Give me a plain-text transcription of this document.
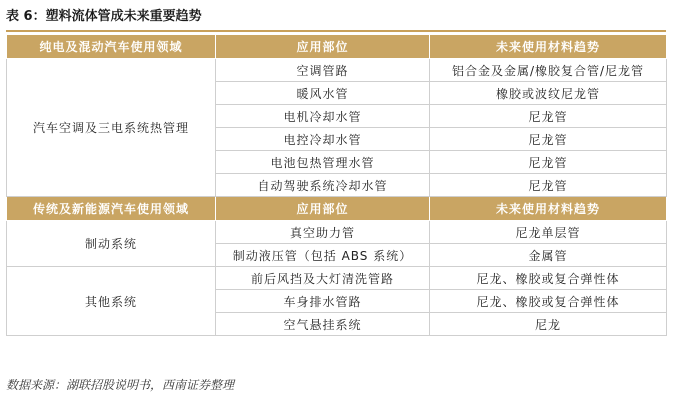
表 6：塑料流体管成未来重要趋势
纯电及混动汽车使用领域	应用部位	未来使用材料趋势
汽车空调及三电系统热管理	空调管路	铝合金及金属/橡胶复合管/尼龙管
	暖风水管	橡胶或波纹尼龙管
	电机冷却水管	尼龙管
	电控冷却水管	尼龙管
	电池包热管理水管	尼龙管
	自动驾驶系统冷却水管	尼龙管
传统及新能源汽车使用领域	应用部位	未来使用材料趋势
制动系统	真空助力管	尼龙单层管
	制动液压管（包括 ABS 系统）	金属管
其他系统	前后风挡及大灯清洗管路	尼龙、橡胶或复合弹性体
	车身排水管路	尼龙、橡胶或复合弹性体
	空气悬挂系统	尼龙
数据来源：湖联招股说明书，西南证券整理
